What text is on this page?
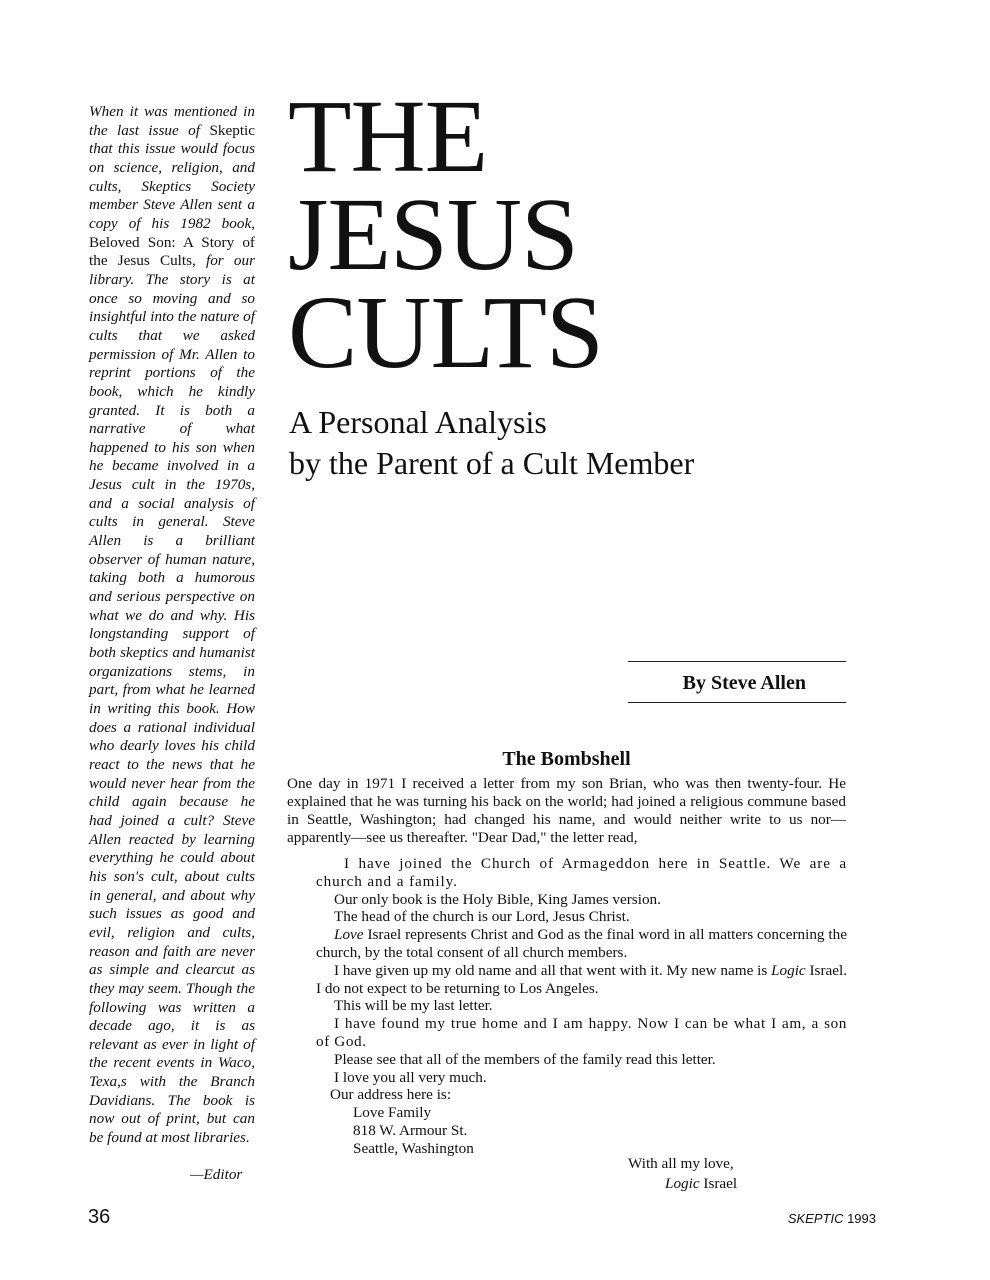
When it was mentioned in the last issue of Skeptic that this issue would focus on science, religion, and cults, Skeptics Society member Steve Allen sent a copy of his 1982 book, Beloved Son: A Story of the Jesus Cults, for our library. The story is at once so moving and so insightful into the nature of cults that we asked permission of Mr. Allen to reprint portions of the book, which he kindly granted. It is both a narrative of what happened to his son when he became involved in a Jesus cult in the 1970s, and a social analysis of cults in general. Steve Allen is a brilliant observer of human nature, taking both a humorous and serious perspective on what we do and why. His longstanding support of both skeptics and humanist organizations stems, in part, from what he learned in writing this book. How does a rational individual who dearly loves his child react to the news that he would never hear from the child again because he had joined a cult? Steve Allen reacted by learning everything he could about his son's cult, about cults in general, and about why such issues as good and evil, religion and cults, reason and faith are never as simple and clearcut as they may seem. Though the following was written a decade ago, it is as relevant as ever in light of the recent events in Waco, Texa,s with the Branch Davidians. The book is now out of print, but can be found at most libraries.

—Editor
THE
JESUS
CULTS
A Personal Analysis
by the Parent of a Cult Member
By Steve Allen
The Bombshell

One day in 1971 I received a letter from my son Brian, who was then twenty-four. He explained that he was turning his back on the world; had joined a religious commune based in Seattle, Washington; had changed his name, and would neither write to us nor—apparently—see us thereafter. "Dear Dad," the letter read,

I have joined the Church of Armageddon here in Seattle. We are a church and a family.

Our only book is the Holy Bible, King James version.

The head of the church is our Lord, Jesus Christ.

Love Israel represents Christ and God as the final word in all matters concerning the church, by the total consent of all church members.

I have given up my old name and all that went with it. My new name is Logic Israel. I do not expect to be returning to Los Angeles.

This will be my last letter.

I have found my true home and I am happy. Now I can be what I am, a son of God.

Please see that all of the members of the family read this letter.

I love you all very much.

Our address here is:

Love Family

818 W. Armour St.

Seattle, Washington

With all my love,
Logic Israel
36	SKEPTIC 1993
